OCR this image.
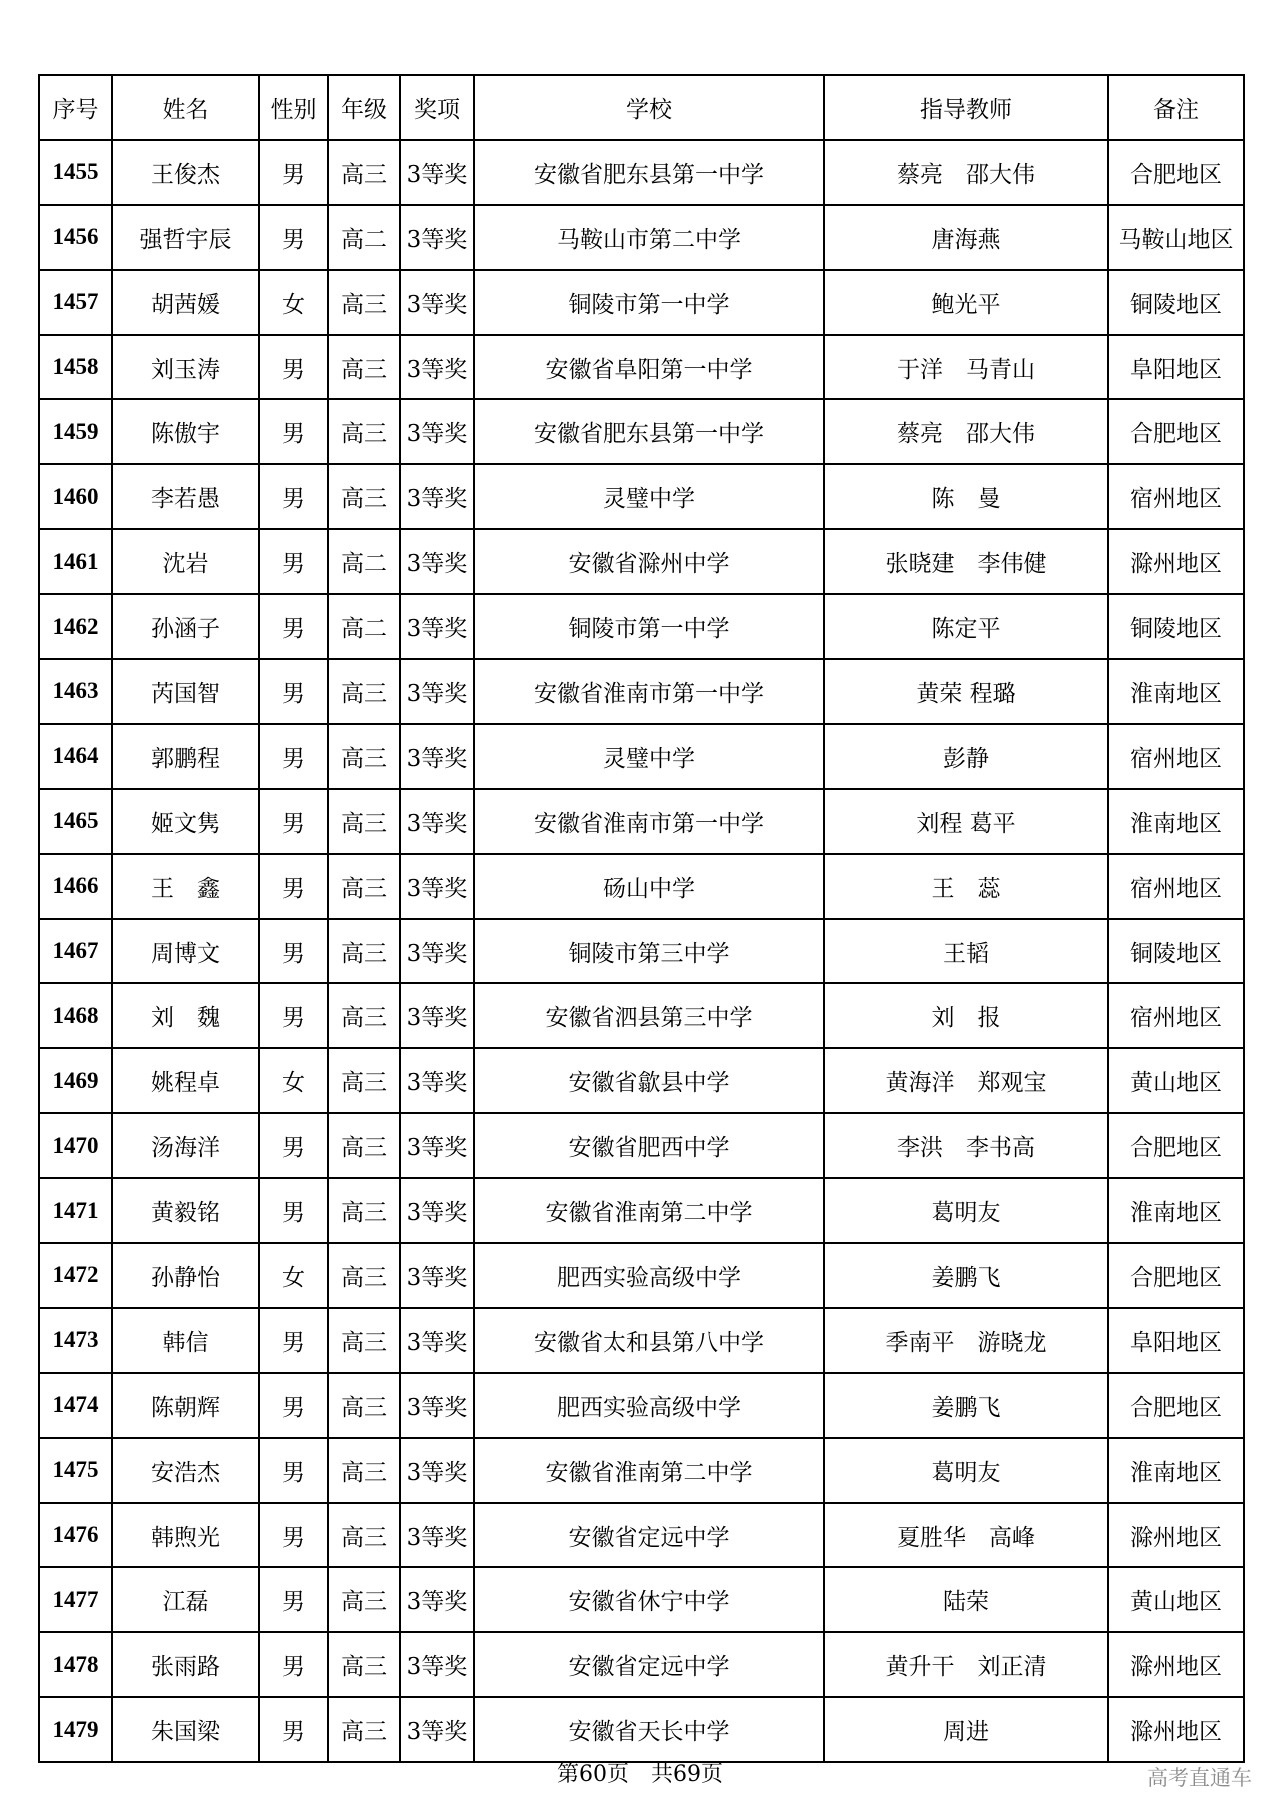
序号	姓名	性别	年级	奖项	学校	指导教师	备注
1455	王俊杰	男	高三	3等奖	安徽省肥东县第一中学	蔡亮　邵大伟	合肥地区
1456	强哲宇辰	男	高二	3等奖	马鞍山市第二中学	唐海燕	马鞍山地区
1457	胡茜媛	女	高三	3等奖	铜陵市第一中学	鲍光平	铜陵地区
1458	刘玉涛	男	高三	3等奖	安徽省阜阳第一中学	于洋　马青山	阜阳地区
1459	陈傲宇	男	高三	3等奖	安徽省肥东县第一中学	蔡亮　邵大伟	合肥地区
1460	李若愚	男	高三	3等奖	灵璧中学	陈　曼	宿州地区
1461	沈岩	男	高二	3等奖	安徽省滁州中学	张晓建　李伟健	滁州地区
1462	孙涵子	男	高二	3等奖	铜陵市第一中学	陈定平	铜陵地区
1463	芮国智	男	高三	3等奖	安徽省淮南市第一中学	黄荣 程璐	淮南地区
1464	郭鹏程	男	高三	3等奖	灵璧中学	彭静	宿州地区
1465	姬文隽	男	高三	3等奖	安徽省淮南市第一中学	刘程 葛平	淮南地区
1466	王　鑫	男	高三	3等奖	砀山中学	王　蕊	宿州地区
1467	周博文	男	高三	3等奖	铜陵市第三中学	王韬	铜陵地区
1468	刘　魏	男	高三	3等奖	安徽省泗县第三中学	刘　报	宿州地区
1469	姚程卓	女	高三	3等奖	安徽省歙县中学	黄海洋　郑观宝	黄山地区
1470	汤海洋	男	高三	3等奖	安徽省肥西中学	李洪　李书高	合肥地区
1471	黄毅铭	男	高三	3等奖	安徽省淮南第二中学	葛明友	淮南地区
1472	孙静怡	女	高三	3等奖	肥西实验高级中学	姜鹏飞	合肥地区
1473	韩信	男	高三	3等奖	安徽省太和县第八中学	季南平　游晓龙	阜阳地区
1474	陈朝辉	男	高三	3等奖	肥西实验高级中学	姜鹏飞	合肥地区
1475	安浩杰	男	高三	3等奖	安徽省淮南第二中学	葛明友	淮南地区
1476	韩煦光	男	高三	3等奖	安徽省定远中学	夏胜华　高峰	滁州地区
1477	江磊	男	高三	3等奖	安徽省休宁中学	陆荣	黄山地区
1478	张雨路	男	高三	3等奖	安徽省定远中学	黄升干　刘正清	滁州地区
1479	朱国梁	男	高三	3等奖	安徽省天长中学	周进	滁州地区
第60页　共69页	高考直通车
